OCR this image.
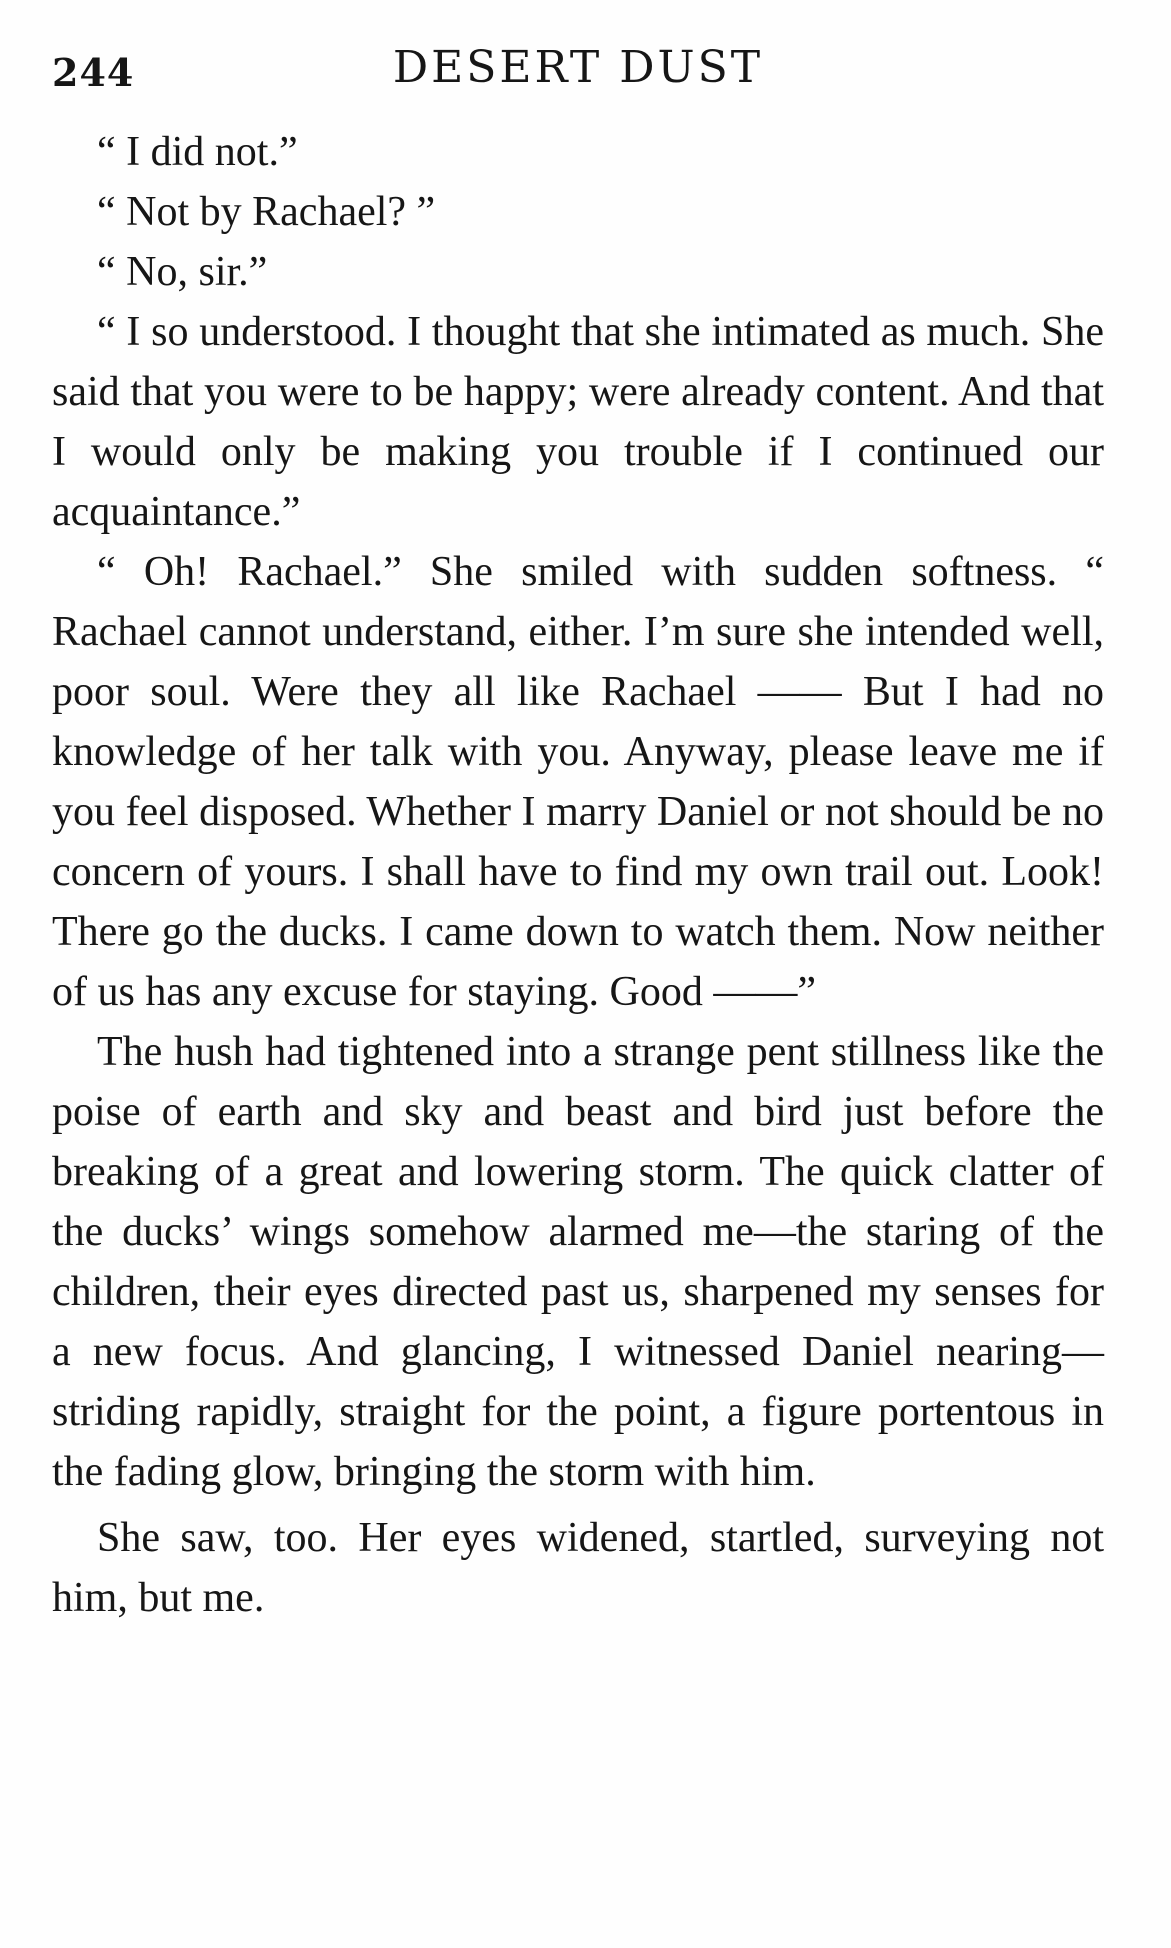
244	DESERT DUST

“ I did not.”

“ Not by Rachael? ”

“ No, sir.”

“ I so understood. I thought that she intimated as much. She said that you were to be happy; were already content. And that I would only be making you trouble if I continued our acquaintance.”

“ Oh! Rachael.” She smiled with sudden softness. “ Rachael cannot understand, either. I’m sure she intended well, poor soul. Were they all like Rachael —— But I had no knowledge of her talk with you. Anyway, please leave me if you feel disposed. Whether I marry Daniel or not should be no concern of yours. I shall have to find my own trail out. Look! There go the ducks. I came down to watch them. Now neither of us has any excuse for staying. Good ——”

The hush had tightened into a strange pent stillness like the poise of earth and sky and beast and bird just before the breaking of a great and lowering storm. The quick clatter of the ducks’ wings somehow alarmed me—the staring of the children, their eyes directed past us, sharpened my senses for a new focus. And glancing, I witnessed Daniel nearing— striding rapidly, straight for the point, a figure portentous in the fading glow, bringing the storm with him.

She saw, too. Her eyes widened, startled, surveying not him, but me.
